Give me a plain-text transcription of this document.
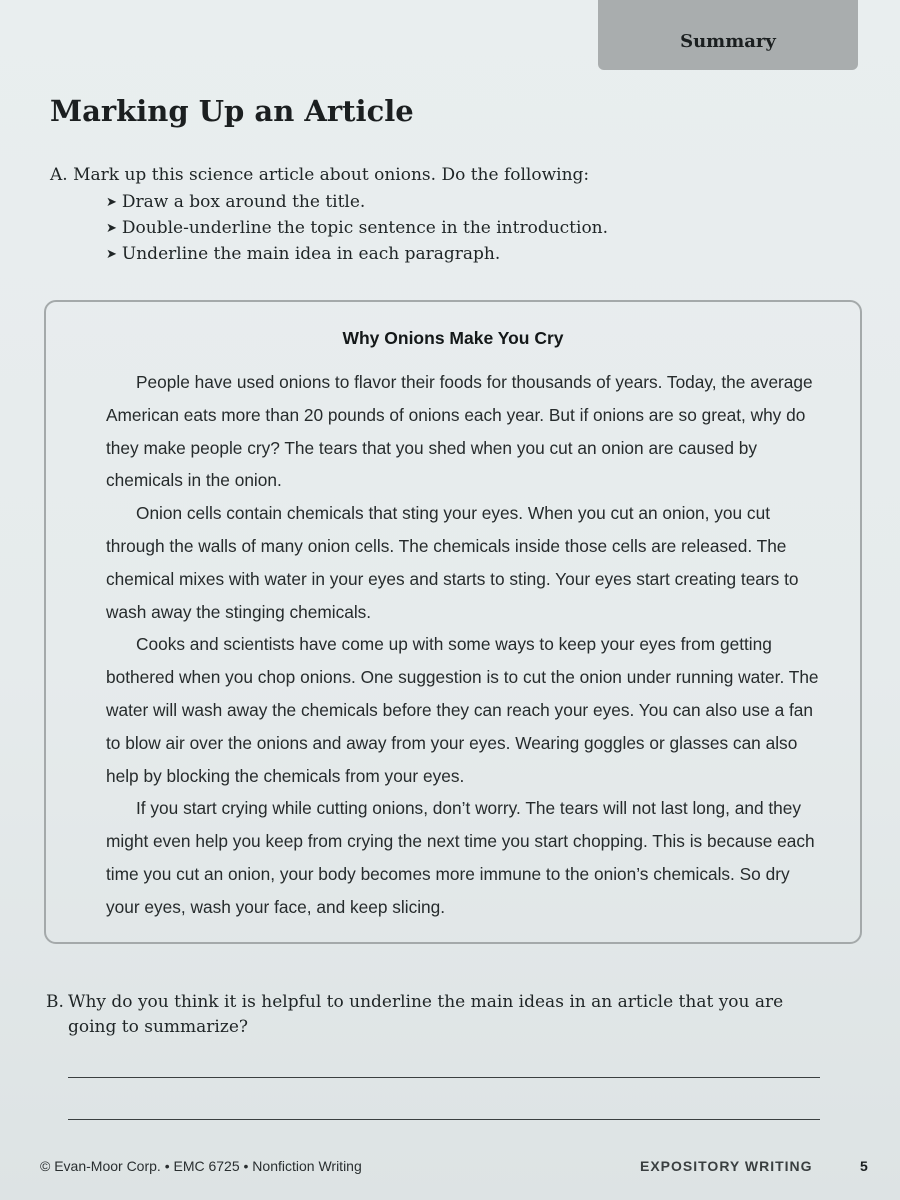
Summary
Marking Up an Article
A. Mark up this science article about onions. Do the following:
➤ Draw a box around the title.
➤ Double-underline the topic sentence in the introduction.
➤ Underline the main idea in each paragraph.
Why Onions Make You Cry

People have used onions to flavor their foods for thousands of years. Today, the average American eats more than 20 pounds of onions each year. But if onions are so great, why do they make people cry? The tears that you shed when you cut an onion are caused by chemicals in the onion.

Onion cells contain chemicals that sting your eyes. When you cut an onion, you cut through the walls of many onion cells. The chemicals inside those cells are released. The chemical mixes with water in your eyes and starts to sting. Your eyes start creating tears to wash away the stinging chemicals.

Cooks and scientists have come up with some ways to keep your eyes from getting bothered when you chop onions. One suggestion is to cut the onion under running water. The water will wash away the chemicals before they can reach your eyes. You can also use a fan to blow air over the onions and away from your eyes. Wearing goggles or glasses can also help by blocking the chemicals from your eyes.

If you start crying while cutting onions, don’t worry. The tears will not last long, and they might even help you keep from crying the next time you start chopping. This is because each time you cut an onion, your body becomes more immune to the onion’s chemicals. So dry your eyes, wash your face, and keep slicing.

B. Why do you think it is helpful to underline the main ideas in an article that you are going to summarize?
© Evan-Moor Corp. • EMC 6725 • Nonfiction Writing	EXPOSITORY WRITING	5
